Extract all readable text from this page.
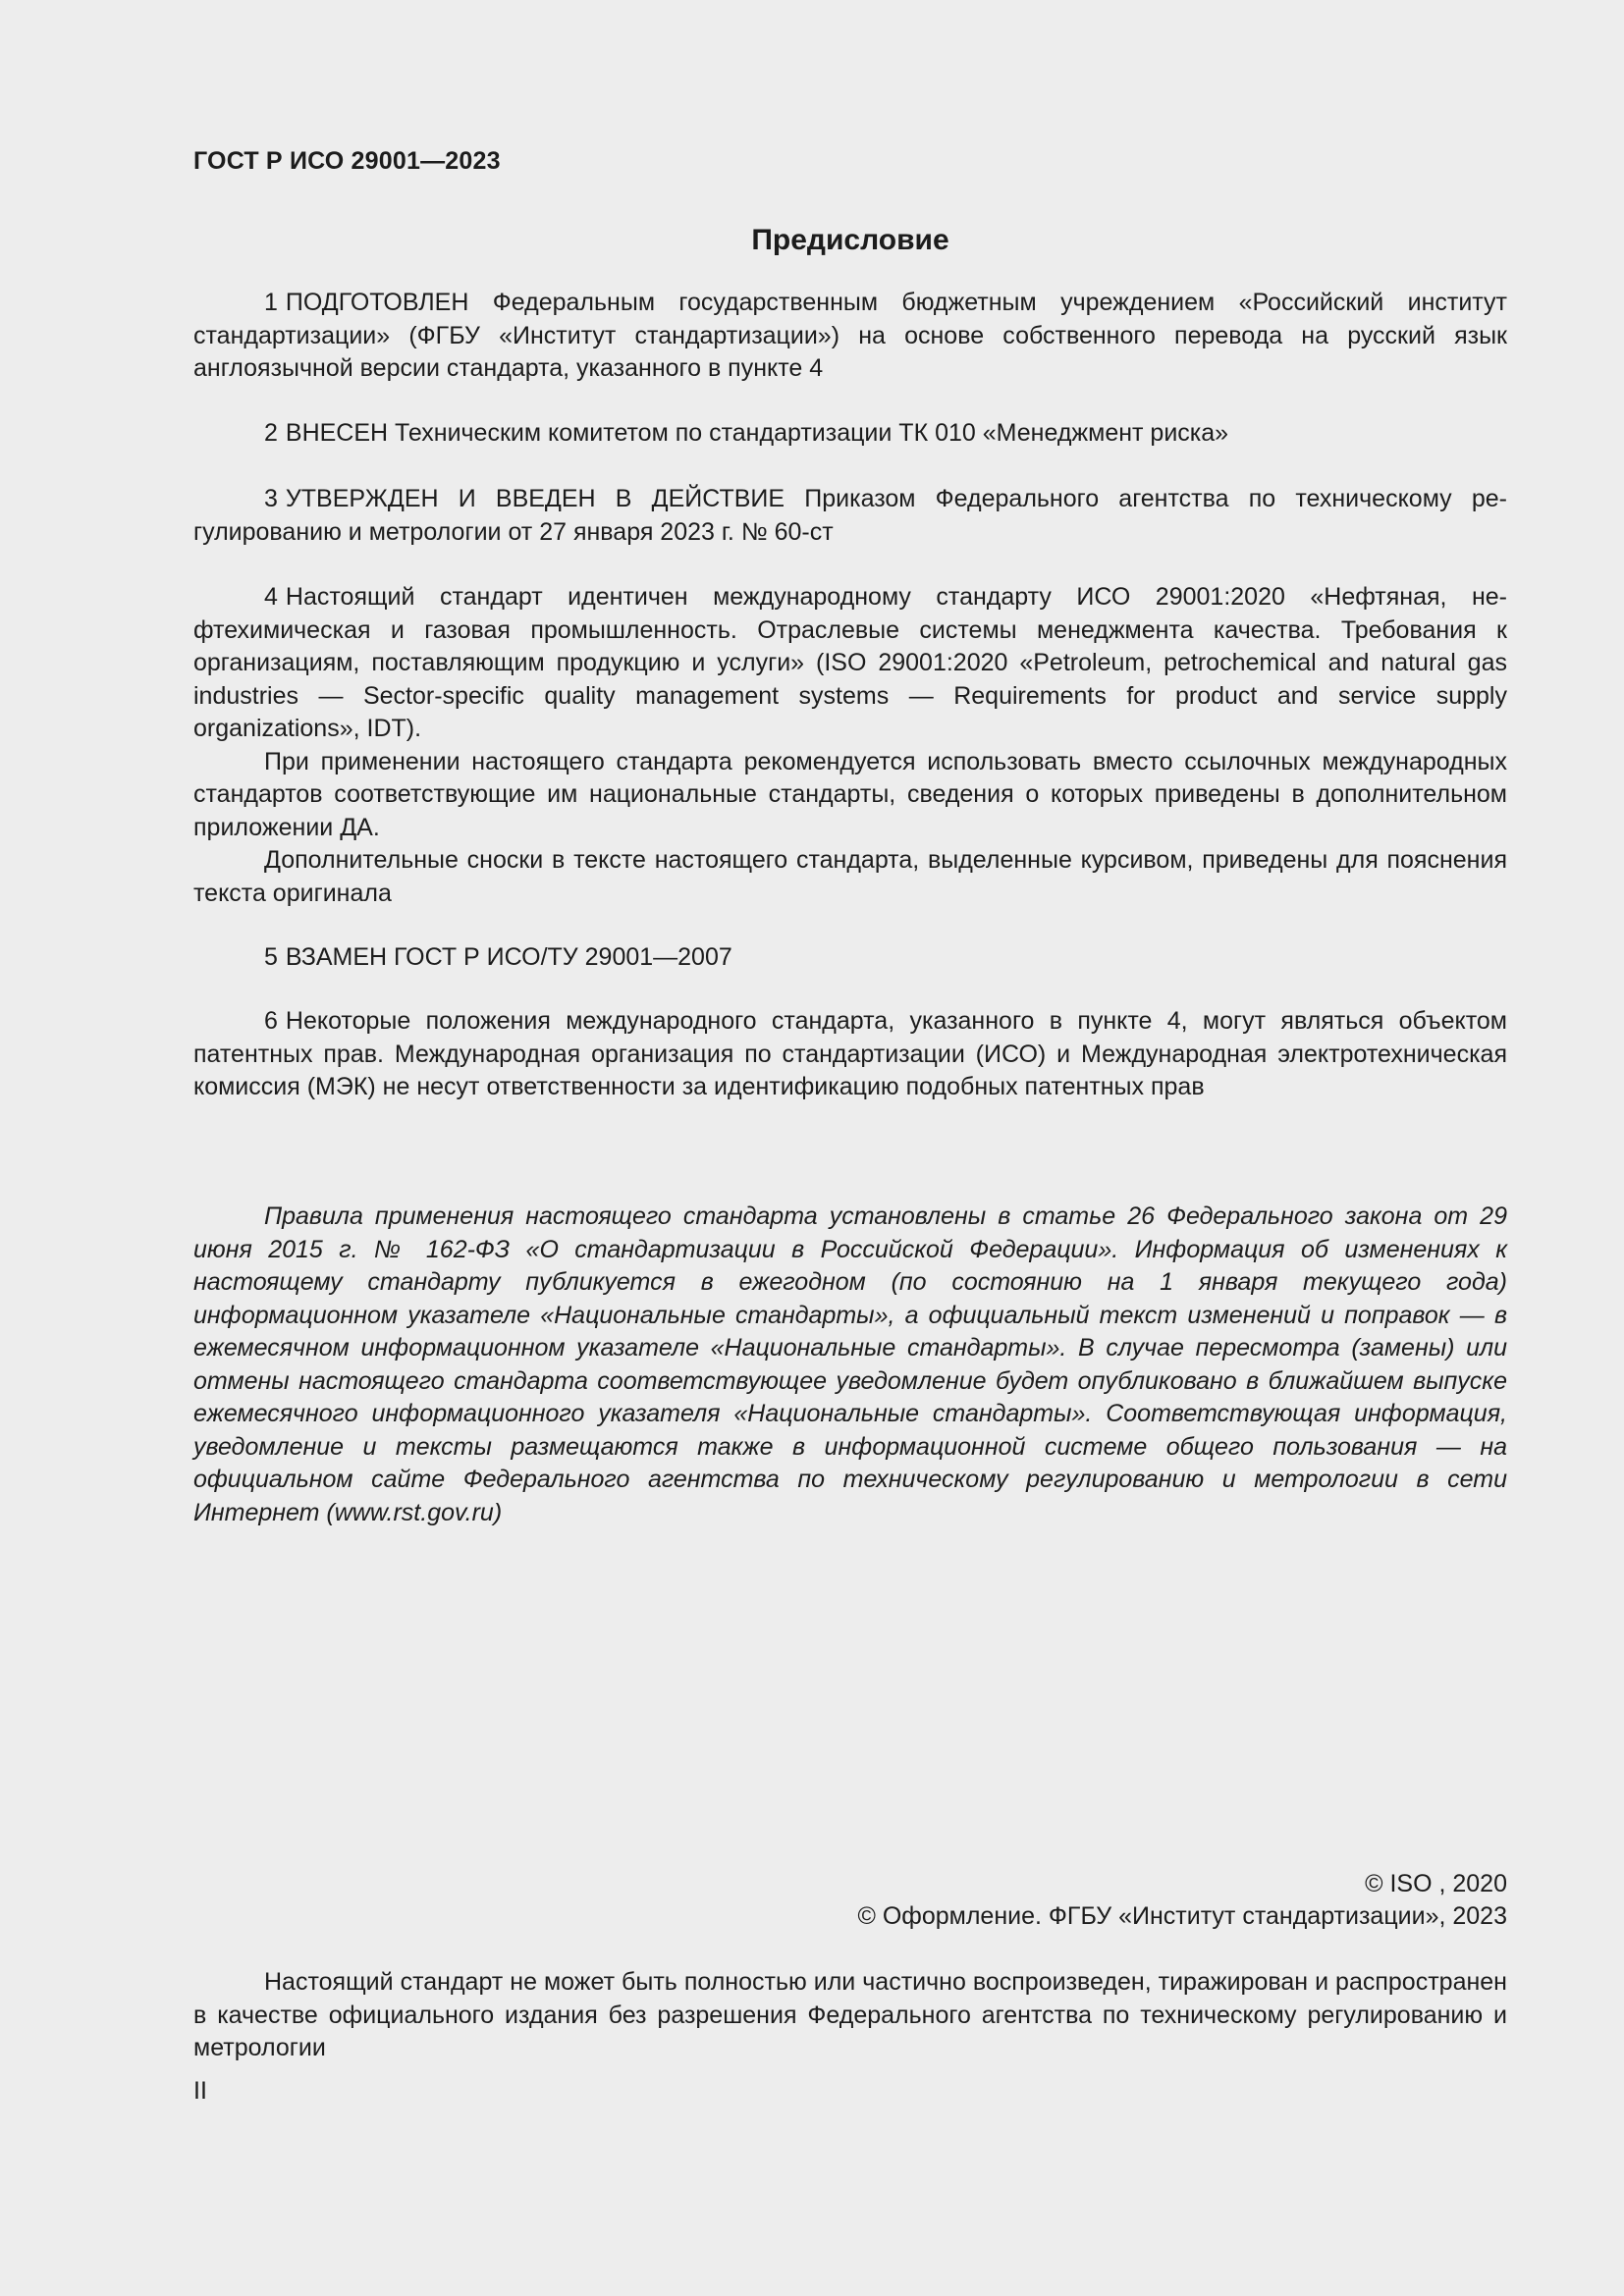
ГОСТ Р ИСО 29001—2023
Предисловие

1 ПОДГОТОВЛЕН Федеральным государственным бюджетным учреждением «Российский институт стандартизации» (ФГБУ «Институт стандартизации») на основе собственного перевода на русский язык англоязычной версии стандарта, указанного в пункте 4

2 ВНЕСЕН Техническим комитетом по стандартизации ТК 010 «Менеджмент риска»

3 УТВЕРЖДЕН И ВВЕДЕН В ДЕЙСТВИЕ Приказом Федерального агентства по техническому регулированию и метрологии от 27 января 2023 г. № 60-ст

4 Настоящий стандарт идентичен международному стандарту ИСО 29001:2020 «Нефтяная, нефтехимическая и газовая промышленность. Отраслевые системы менеджмента качества. Требования к организациям, поставляющим продукцию и услуги» (ISO 29001:2020 «Petroleum, petrochemical and natural gas industries — Sector-specific quality management systems — Requirements for product and service supply organizations», IDT).

При применении настоящего стандарта рекомендуется использовать вместо ссылочных международных стандартов соответствующие им национальные стандарты, сведения о которых приведены в дополнительном приложении ДА.

Дополнительные сноски в тексте настоящего стандарта, выделенные курсивом, приведены для пояснения текста оригинала

5 ВЗАМЕН ГОСТ Р ИСО/ТУ 29001—2007

6 Некоторые положения международного стандарта, указанного в пункте 4, могут являться объектом патентных прав. Международная организация по стандартизации (ИСО) и Международная электротехническая комиссия (МЭК) не несут ответственности за идентификацию подобных патентных прав

Правила применения настоящего стандарта установлены в статье 26 Федерального закона от 29 июня 2015 г. № 162-ФЗ «О стандартизации в Российской Федерации». Информация об изменениях к настоящему стандарту публикуется в ежегодном (по состоянию на 1 января текущего года) информационном указателе «Национальные стандарты», а официальный текст изменений и поправок — в ежемесячном информационном указателе «Национальные стандарты». В случае пересмотра (замены) или отмены настоящего стандарта соответствующее уведомление будет опубликовано в ближайшем выпуске ежемесячного информационного указателя «Национальные стандарты». Соответствующая информация, уведомление и тексты размещаются также в информационной системе общего пользования — на официальном сайте Федерального агентства по техническому регулированию и метрологии в сети Интернет (www.rst.gov.ru)

© ISO , 2020
© Оформление. ФГБУ «Институт стандартизации», 2023

Настоящий стандарт не может быть полностью или частично воспроизведен, тиражирован и распространен в качестве официального издания без разрешения Федерального агентства по техническому регулированию и метрологии

II
